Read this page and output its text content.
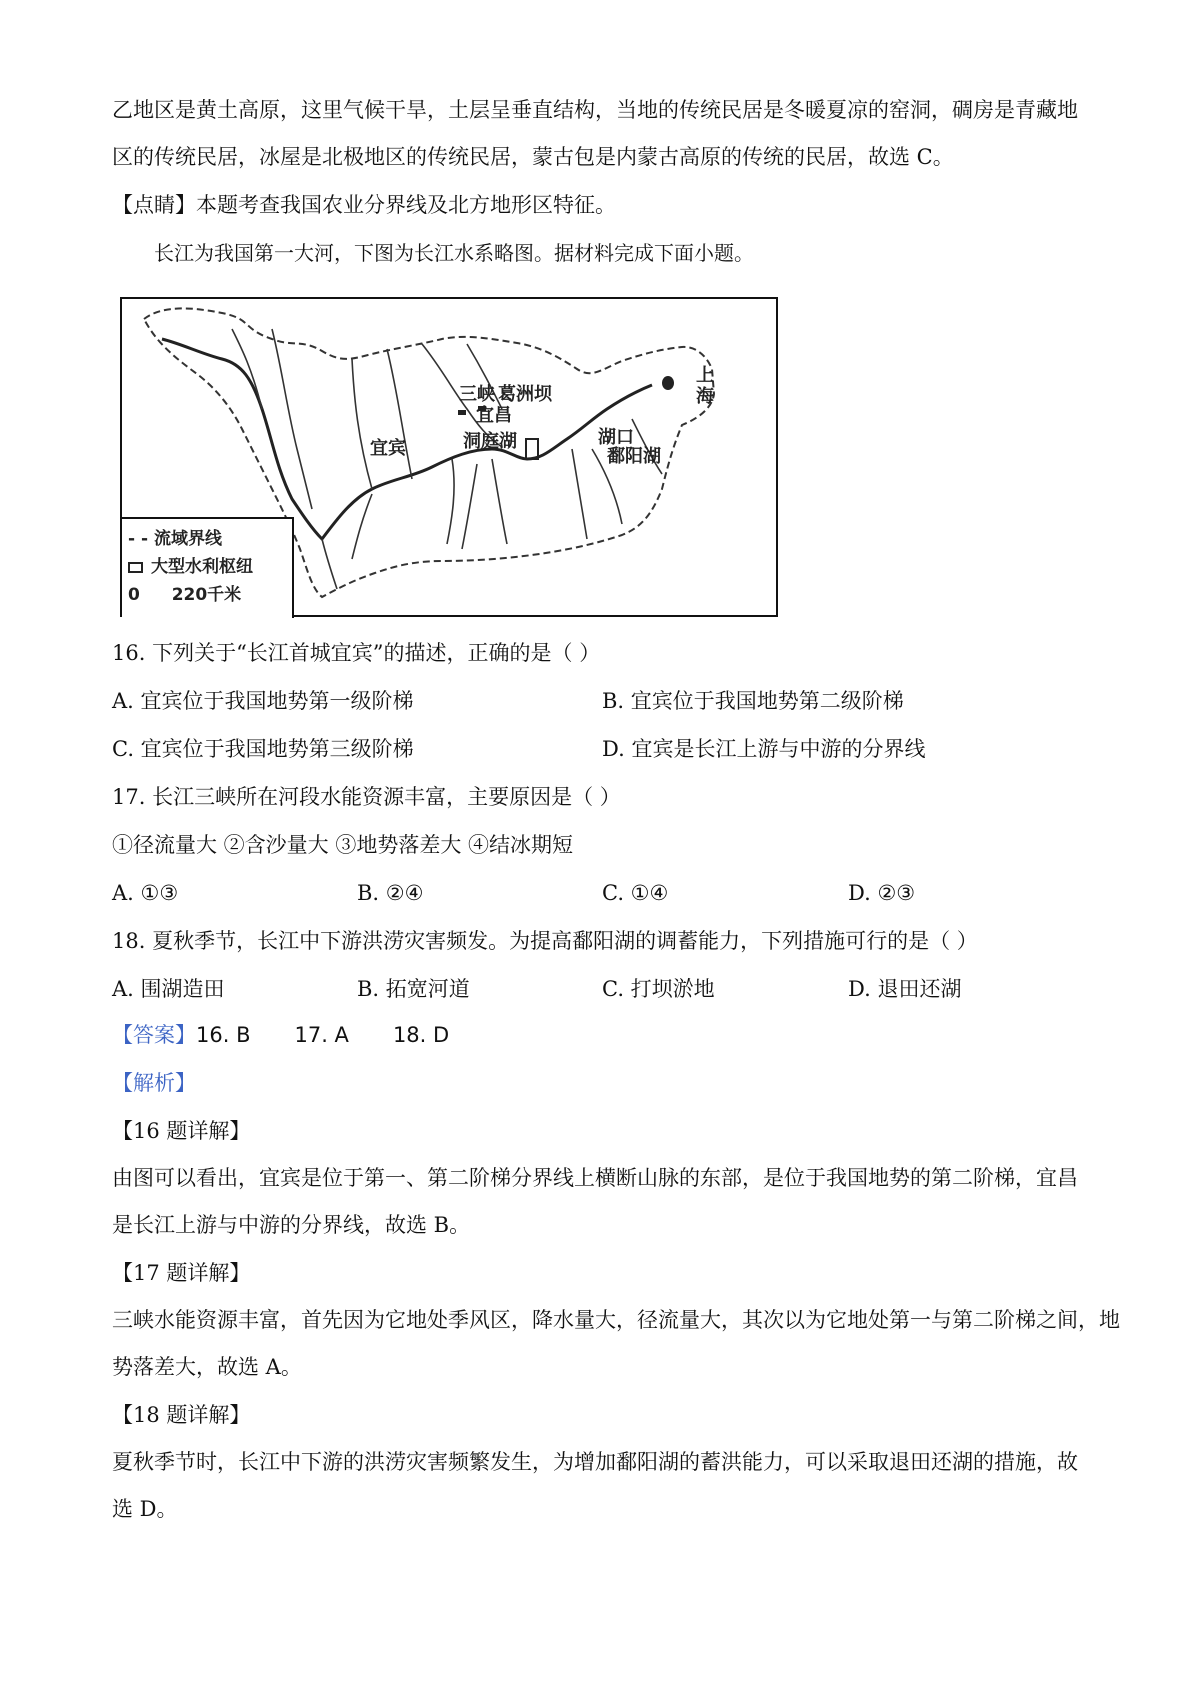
乙地区是黄土高原，这里气候干旱，土层呈垂直结构，当地的传统民居是冬暖夏凉的窑洞，碉房是青藏地
区的传统民居，冰屋是北极地区的传统民居，蒙古包是内蒙古高原的传统的民居，故选 C。
【点睛】本题考查我国农业分界线及北方地形区特征。
长江为我国第一大河，下图为长江水系略图。据材料完成下面小题。
三峡 葛洲坝
宜昌
宜宾	洞庭湖	湖口
鄱阳湖
上
海
- - 流域界线
大型水利枢纽
0 220千米
16. 下列关于“长江首城宜宾”的描述，正确的是（ ）
A. 宜宾位于我国地势第一级阶梯	B. 宜宾位于我国地势第二级阶梯
C. 宜宾位于我国地势第三级阶梯	D. 宜宾是长江上游与中游的分界线
17. 长江三峡所在河段水能资源丰富，主要原因是（ ）
①径流量大 ②含沙量大 ③地势落差大 ④结冰期短
A. ①③	B. ②④	C. ①④	D. ②③
18. 夏秋季节，长江中下游洪涝灾害频发。为提高鄱阳湖的调蓄能力，下列措施可行的是（ ）
A. 围湖造田	B. 拓宽河道	C. 打坝淤地	D. 退田还湖
【答案】16. B 17. A 18. D
【解析】
【16 题详解】
由图可以看出，宜宾是位于第一、第二阶梯分界线上横断山脉的东部，是位于我国地势的第二阶梯，宜昌
是长江上游与中游的分界线，故选 B。
【17 题详解】
三峡水能资源丰富，首先因为它地处季风区，降水量大，径流量大，其次以为它地处第一与第二阶梯之间，地
势落差大，故选 A。
【18 题详解】
夏秋季节时，长江中下游的洪涝灾害频繁发生，为增加鄱阳湖的蓄洪能力，可以采取退田还湖的措施，故
选 D。
